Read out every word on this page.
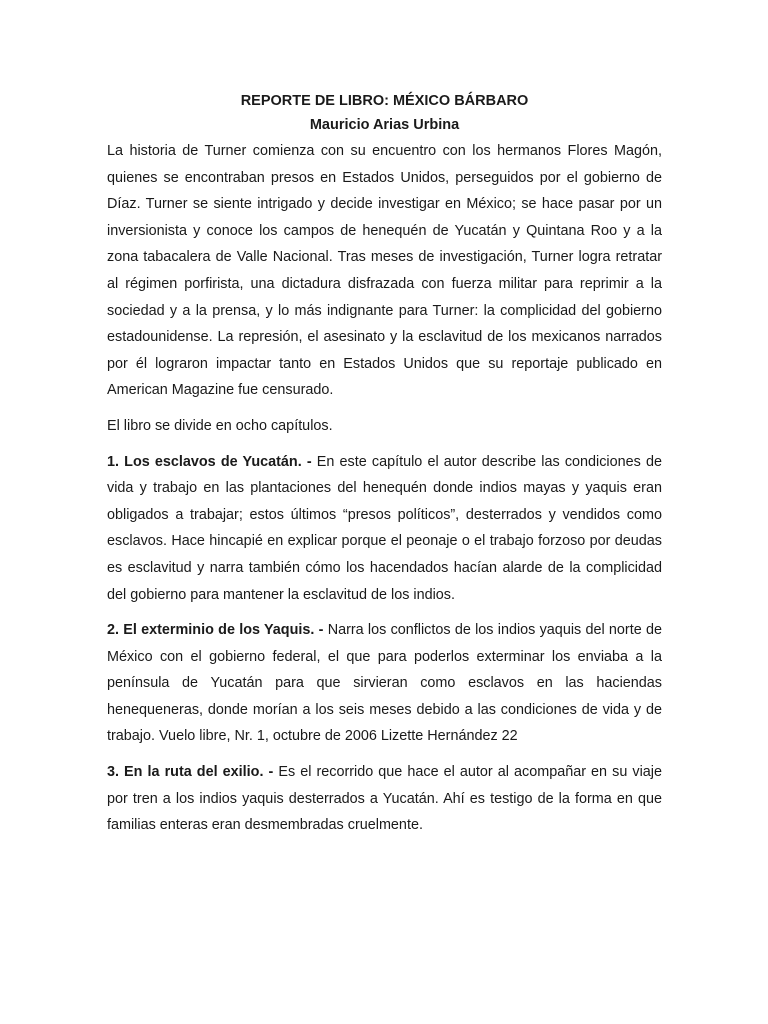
REPORTE DE LIBRO: MÉXICO BÁRBARO
Mauricio Arias Urbina

La historia de Turner comienza con su encuentro con los hermanos Flores Magón, quienes se encontraban presos en Estados Unidos, perseguidos por el gobierno de Díaz. Turner se siente intrigado y decide investigar en México; se hace pasar por un inversionista y conoce los campos de henequén de Yucatán y Quintana Roo y a la zona tabacalera de Valle Nacional. Tras meses de investigación, Turner logra retratar al régimen porfirista, una dictadura disfrazada con fuerza militar para reprimir a la sociedad y a la prensa, y lo más indignante para Turner: la complicidad del gobierno estadounidense. La represión, el asesinato y la esclavitud de los mexicanos narrados por él lograron impactar tanto en Estados Unidos que su reportaje publicado en American Magazine fue censurado.

El libro se divide en ocho capítulos.

1. Los esclavos de Yucatán. - En este capítulo el autor describe las condiciones de vida y trabajo en las plantaciones del henequén donde indios mayas y yaquis eran obligados a trabajar; estos últimos “presos políticos”, desterrados y vendidos como esclavos. Hace hincapié en explicar porque el peonaje o el trabajo forzoso por deudas es esclavitud y narra también cómo los hacendados hacían alarde de la complicidad del gobierno para mantener la esclavitud de los indios.

2. El exterminio de los Yaquis. - Narra los conflictos de los indios yaquis del norte de México con el gobierno federal, el que para poderlos exterminar los enviaba a la península de Yucatán para que sirvieran como esclavos en las haciendas henequeneras, donde morían a los seis meses debido a las condiciones de vida y de trabajo. Vuelo libre, Nr. 1, octubre de 2006 Lizette Hernández 22

3. En la ruta del exilio. - Es el recorrido que hace el autor al acompañar en su viaje por tren a los indios yaquis desterrados a Yucatán. Ahí es testigo de la forma en que familias enteras eran desmembradas cruelmente.
